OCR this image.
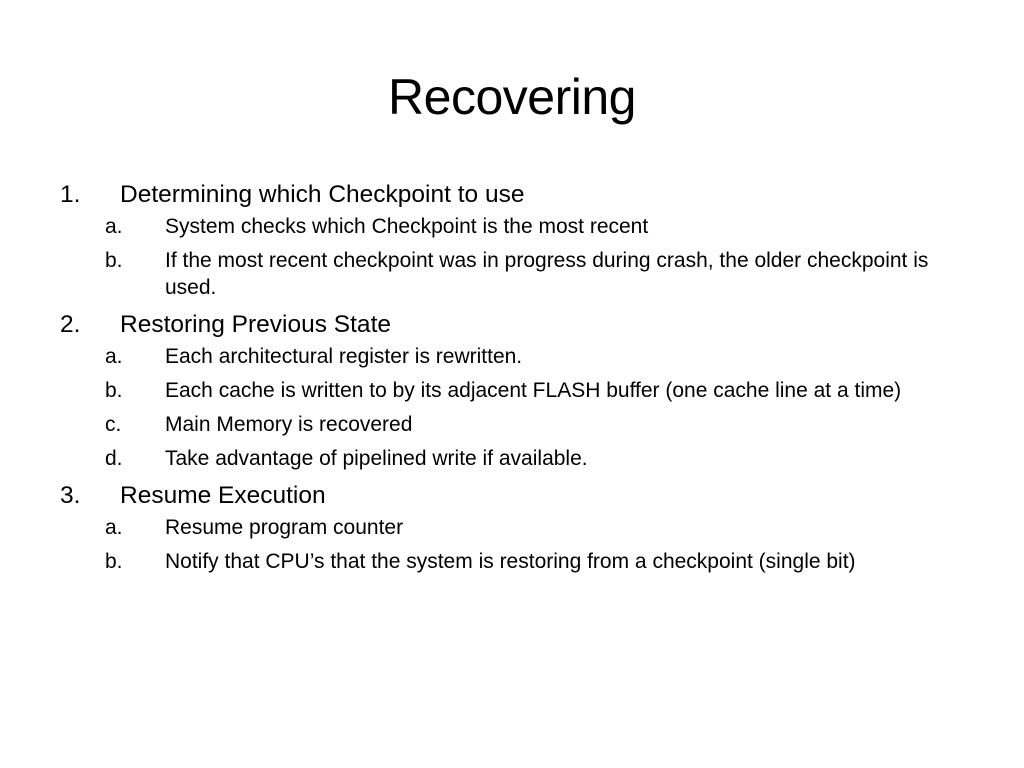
Recovering
1.	Determining which Checkpoint to use
a.	System checks which Checkpoint is the most recent
b.	If the most recent checkpoint was in progress during crash, the older checkpoint is used.
2.	Restoring Previous State
a.	Each architectural register is rewritten.
b.	Each cache is written to by its adjacent FLASH buffer (one cache line at a time)
c.	Main Memory is recovered
d.	Take advantage of pipelined write if available.
3.	Resume Execution
a.	Resume program counter
b.	Notify that CPU’s that the system is restoring from a checkpoint (single bit)
